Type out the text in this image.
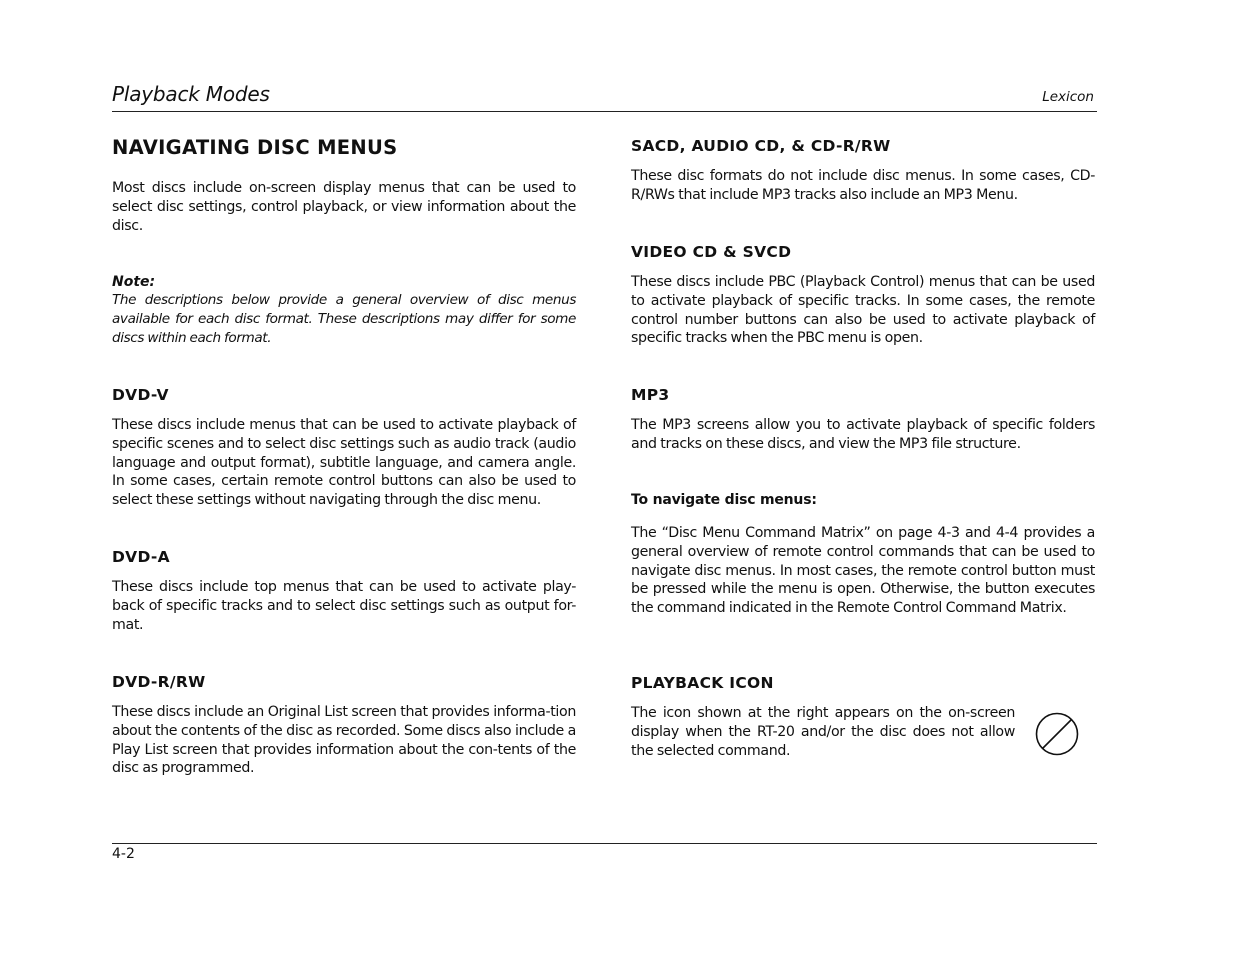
Playback Modes	Lexicon
NAVIGATING DISC MENUS

Most discs include on-screen display menus that can be used to select disc settings, control playback, or view information about the disc.

Note:

The descriptions below provide a general overview of disc menus available for each disc format. These descriptions may differ for some discs within each format.

DVD-V

These discs include menus that can be used to activate playback of specific scenes and to select disc settings such as audio track (audio language and output format), subtitle language, and camera angle. In some cases, certain remote control buttons can also be used to select these settings without navigating through the disc menu.

DVD-A

These discs include top menus that can be used to activate play-back of specific tracks and to select disc settings such as output for-mat.

DVD-R/RW

These discs include an Original List screen that provides informa-tion about the contents of the disc as recorded. Some discs also include a Play List screen that provides information about the con-tents of the disc as programmed.

SACD, AUDIO CD, & CD-R/RW

These disc formats do not include disc menus. In some cases, CD-R/RWs that include MP3 tracks also include an MP3 Menu.

VIDEO CD & SVCD

These discs include PBC (Playback Control) menus that can be used to activate playback of specific tracks. In some cases, the remote control number buttons can also be used to activate playback of specific tracks when the PBC menu is open.

MP3

The MP3 screens allow you to activate playback of specific folders and tracks on these discs, and view the MP3 file structure.

To navigate disc menus:

The “Disc Menu Command Matrix” on page 4-3 and 4-4 provides a general overview of remote control commands that can be used to navigate disc menus. In most cases, the remote control button must be pressed while the menu is open. Otherwise, the button executes the command indicated in the Remote Control Command Matrix.

PLAYBACK ICON

The icon shown at the right appears on the on-screen display when the RT-20 and/or the disc does not allow the selected command.

4-2
